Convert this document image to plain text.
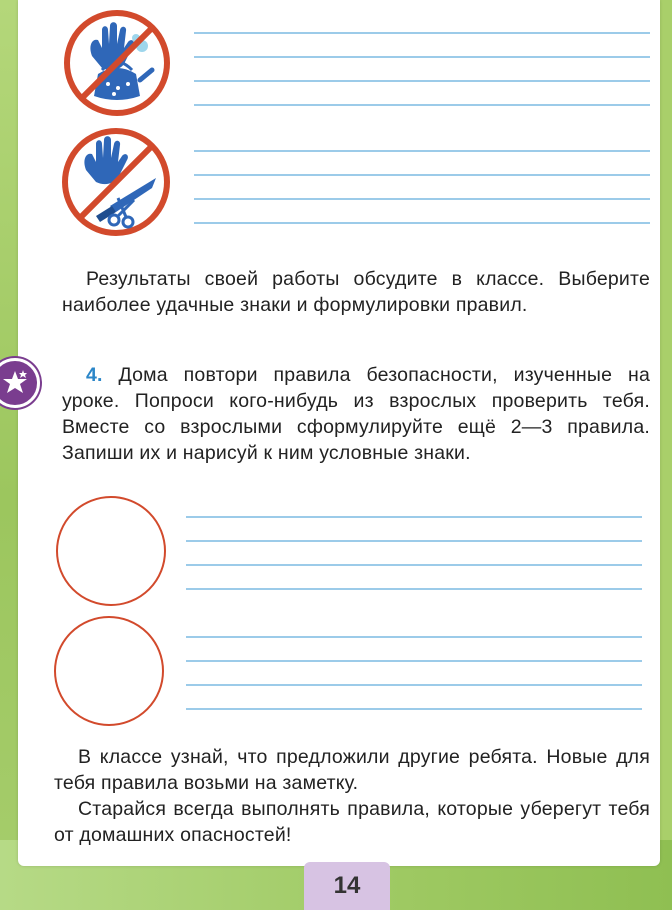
Результаты своей работы обсудите в классе. Выберите наиболее удачные знаки и формулировки правил.
4. Дома повтори правила безопасности, изученные на уроке. Попроси кого-нибудь из взрослых проверить тебя. Вместе со взрослыми сформулируйте ещё 2—3 правила. Запиши их и нарисуй к ним условные знаки.
В классе узнай, что предложили другие ребята. Новые для тебя правила возьми на заметку.
Старайся всегда выполнять правила, которые уберегут тебя от домашних опасностей!
14
